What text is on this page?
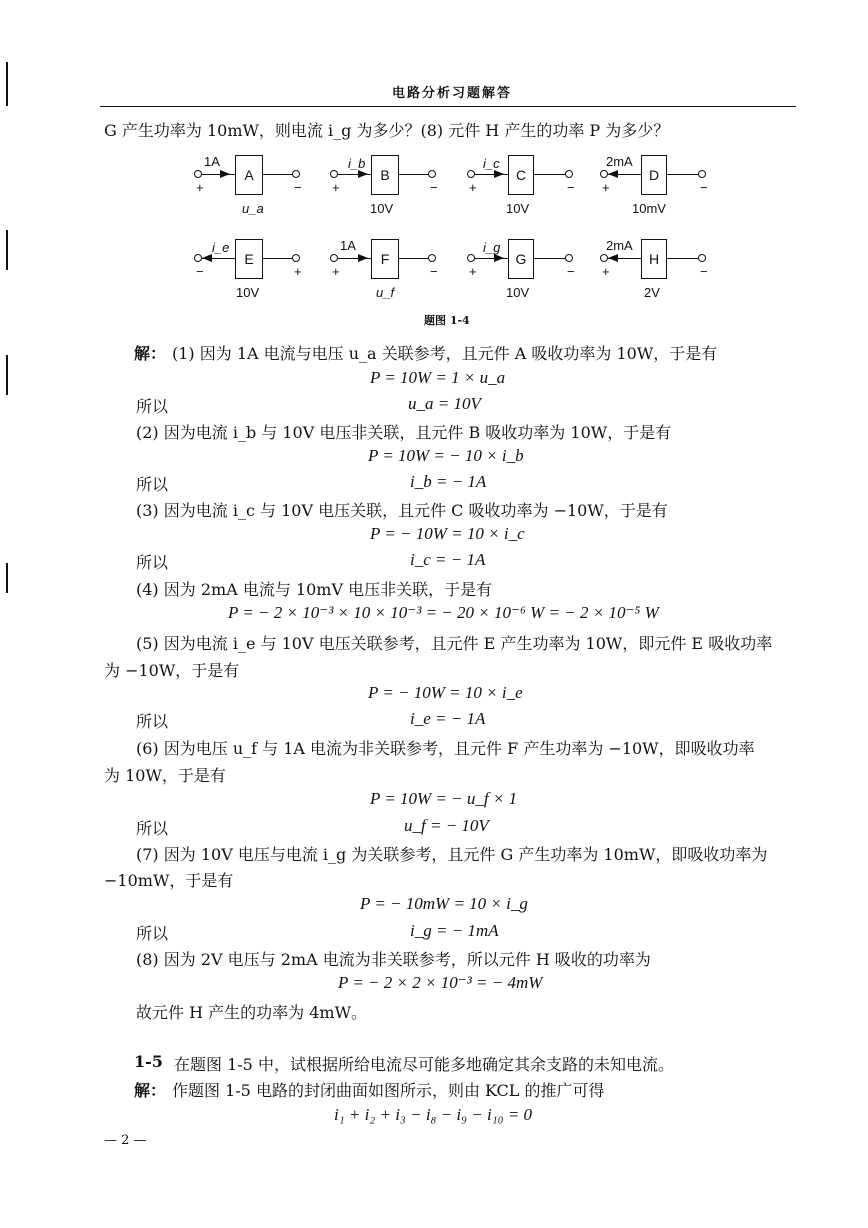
电路分析习题解答
G 产生功率为 10mW，则电流 i_g 为多少？(8) 元件 H 产生的功率 P 为多少？
A
1A
+	−
u_a
B
i_b
+	−
10V
C
i_c
+	−
10V
D
2mA
+	−
10mV
E
i_e
−	+
10V
F
1A
+	−
u_f
G
i_g
+	−
10V
H
2mA
+	−
2V
题图 1-4
解： (1) 因为 1A 电流与电压 u_a 关联参考，且元件 A 吸收功率为 10W，于是有
P = 10W = 1 × u_a
所以	u_a = 10V
(2) 因为电流 i_b 与 10V 电压非关联，且元件 B 吸收功率为 10W，于是有
P = 10W = − 10 × i_b
所以	i_b = − 1A
(3) 因为电流 i_c 与 10V 电压关联，且元件 C 吸收功率为 −10W，于是有
P = − 10W = 10 × i_c
所以	i_c = − 1A
(4) 因为 2mA 电流与 10mV 电压非关联，于是有
P = − 2 × 10⁻³ × 10 × 10⁻³ = − 20 × 10⁻⁶ W = − 2 × 10⁻⁵ W
(5) 因为电流 i_e 与 10V 电压关联参考，且元件 E 产生功率为 10W，即元件 E 吸收功率
为 −10W，于是有
P = − 10W = 10 × i_e
所以	i_e = − 1A
(6) 因为电压 u_f 与 1A 电流为非关联参考，且元件 F 产生功率为 −10W，即吸收功率
为 10W，于是有
P = 10W = − u_f × 1
所以	u_f = − 10V
(7) 因为 10V 电压与电流 i_g 为关联参考，且元件 G 产生功率为 10mW，即吸收功率为
−10mW，于是有
P = − 10mW = 10 × i_g
所以	i_g = − 1mA
(8) 因为 2V 电压与 2mA 电流为非关联参考，所以元件 H 吸收的功率为
P = − 2 × 2 × 10⁻³ = − 4mW
故元件 H 产生的功率为 4mW。
1-5 在题图 1-5 中，试根据所给电流尽可能多地确定其余支路的未知电流。
解： 作题图 1-5 电路的封闭曲面如图所示，则由 KCL 的推广可得
i₁ + i₂ + i₃ − i₈ − i₉ − i₁₀ = 0
— 2 —
